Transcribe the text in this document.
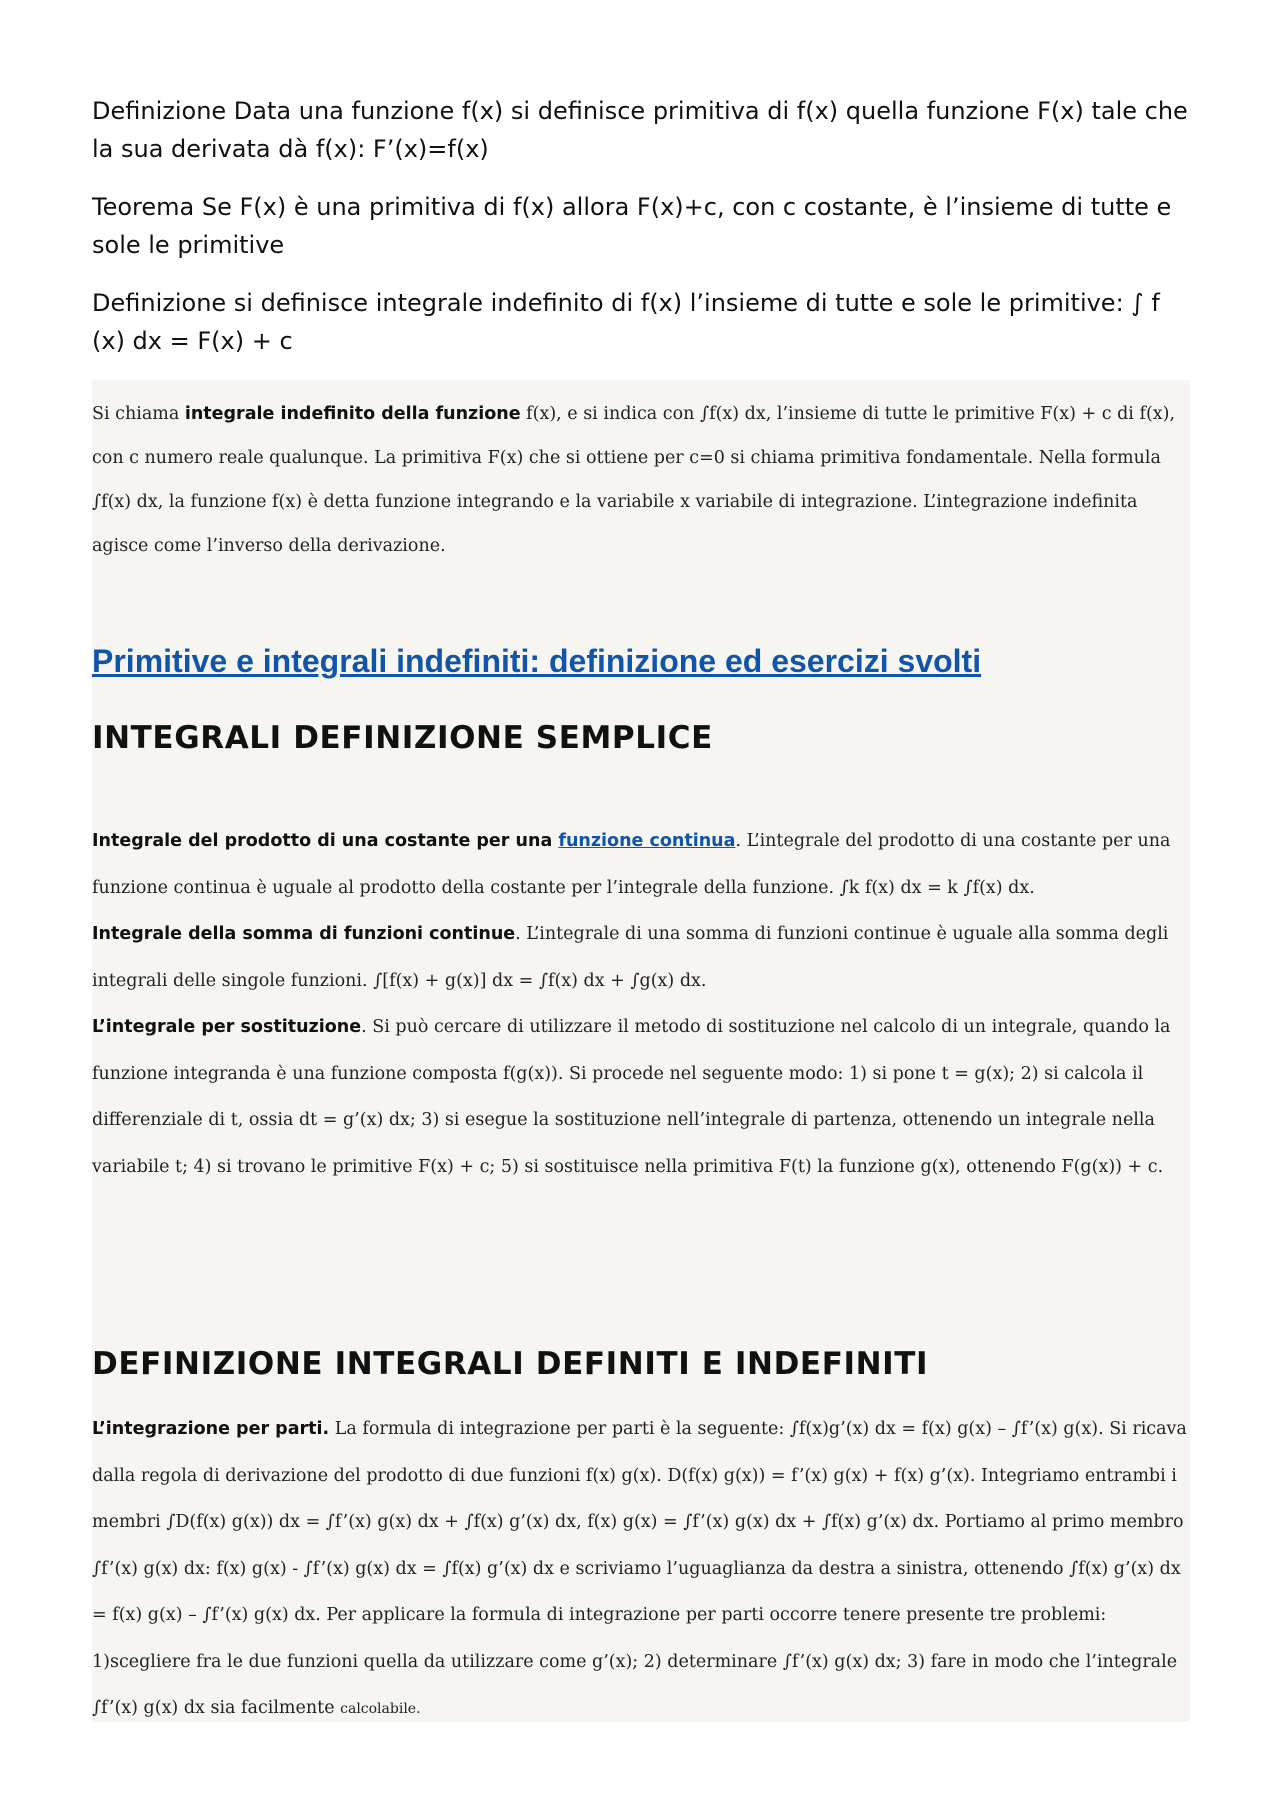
Definizione Data una funzione f(x) si definisce primitiva di f(x) quella funzione F(x) tale che la sua derivata dà f(x): F’(x)=f(x)

Teorema Se F(x) è una primitiva di f(x) allora F(x)+c, con c costante, è l’insieme di tutte e sole le primitive

Definizione si definisce integrale indefinito di f(x) l’insieme di tutte e sole le primitive: ∫ f (x) dx = F(x) + c

Si chiama integrale indefinito della funzione f(x), e si indica con ∫f(x) dx, l’insieme di tutte le primitive F(x) + c di f(x), con c numero reale qualunque. La primitiva F(x) che si ottiene per c=0 si chiama primitiva fondamentale. Nella formula ∫f(x) dx, la funzione f(x) è detta funzione integrando e la variabile x variabile di integrazione. L’integrazione indefinita agisce come l’inverso della derivazione.

Primitive e integrali indefiniti: definizione ed esercizi svolti
INTEGRALI DEFINIZIONE SEMPLICE

Integrale del prodotto di una costante per una funzione continua. L’integrale del prodotto di una costante per una funzione continua è uguale al prodotto della costante per l’integrale della funzione. ∫k f(x) dx = k ∫f(x) dx.
Integrale della somma di funzioni continue. L’integrale di una somma di funzioni continue è uguale alla somma degli integrali delle singole funzioni. ∫[f(x) + g(x)] dx = ∫f(x) dx + ∫g(x) dx.
L’integrale per sostituzione. Si può cercare di utilizzare il metodo di sostituzione nel calcolo di un integrale, quando la funzione integranda è una funzione composta f(g(x)). Si procede nel seguente modo: 1) si pone t = g(x); 2) si calcola il differenziale di t, ossia dt = g’(x) dx; 3) si esegue la sostituzione nell’integrale di partenza, ottenendo un integrale nella variabile t; 4) si trovano le primitive F(x) + c; 5) si sostituisce nella primitiva F(t) la funzione g(x), ottenendo F(g(x)) + c.

DEFINIZIONE INTEGRALI DEFINITI E INDEFINITI

L’integrazione per parti. La formula di integrazione per parti è la seguente: ∫f(x)g’(x) dx = f(x) g(x) – ∫f’(x) g(x). Si ricava dalla regola di derivazione del prodotto di due funzioni f(x) g(x). D(f(x) g(x)) = f’(x) g(x) + f(x) g’(x). Integriamo entrambi i membri ∫D(f(x) g(x)) dx = ∫f’(x) g(x) dx + ∫f(x) g’(x) dx, f(x) g(x) = ∫f’(x) g(x) dx + ∫f(x) g’(x) dx. Portiamo al primo membro ∫f’(x) g(x) dx: f(x) g(x) - ∫f’(x) g(x) dx = ∫f(x) g’(x) dx e scriviamo l’uguaglianza da destra a sinistra, ottenendo ∫f(x) g’(x) dx = f(x) g(x) – ∫f’(x) g(x) dx. Per applicare la formula di integrazione per parti occorre tenere presente tre problemi: 1)scegliere fra le due funzioni quella da utilizzare come g’(x); 2) determinare ∫f’(x) g(x) dx; 3) fare in modo che l’integrale ∫f’(x) g(x) dx sia facilmente calcolabile.
